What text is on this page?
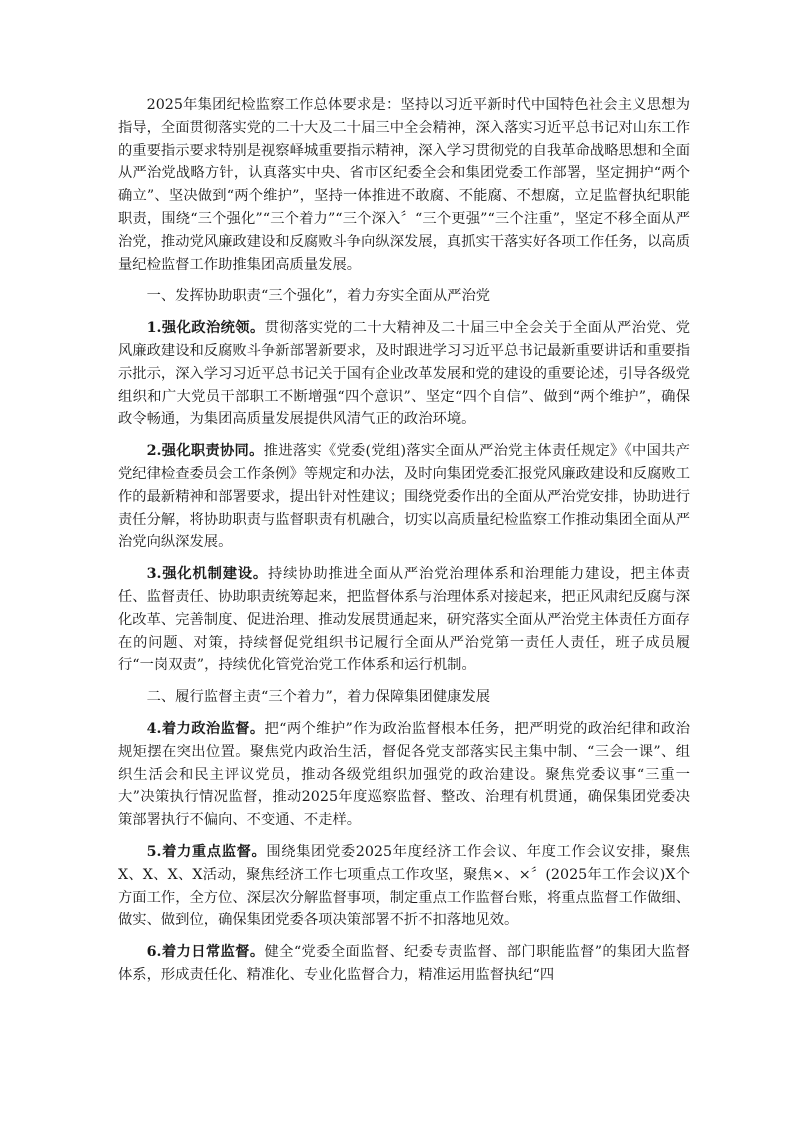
2025年集团纪检监察工作总体要求是：坚持以习近平新时代中国特色社会主义思想为指导，全面贯彻落实党的二十大及二十届三中全会精神，深入落实习近平总书记对山东工作的重要指示要求特别是视察峄城重要指示精神，深入学习贯彻党的自我革命战略思想和全面从严治党战略方针，认真落实中央、省市区纪委全会和集团党委工作部署，坚定拥护“两个确立”、坚决做到“两个维护”，坚持一体推进不敢腐、不能腐、不想腐，立足监督执纪职能职责，围绕“三个强化”“三个着力”“三个深入〞“三个更强”“三个注重”，坚定不移全面从严治党，推动党风廉政建设和反腐败斗争向纵深发展，真抓实干落实好各项工作任务，以高质量纪检监督工作助推集团高质量发展。

一、发挥协助职责“三个强化”，着力夯实全面从严治党

1.强化政治统领。贯彻落实党的二十大精神及二十届三中全会关于全面从严治党、党风廉政建设和反腐败斗争新部署新要求，及时跟进学习习近平总书记最新重要讲话和重要指示批示，深入学习习近平总书记关于国有企业改革发展和党的建设的重要论述，引导各级党组织和广大党员干部职工不断增强“四个意识”、坚定“四个自信”、做到“两个维护”，确保政令畅通，为集团高质量发展提供风清气正的政治环境。

2.强化职责协同。推进落实《党委(党组)落实全面从严治党主体责任规定》《中国共产党纪律检查委员会工作条例》等规定和办法，及时向集团党委汇报党风廉政建设和反腐败工作的最新精神和部署要求，提出针对性建议；围绕党委作出的全面从严治党安排，协助进行责任分解，将协助职责与监督职责有机融合，切实以高质量纪检监察工作推动集团全面从严治党向纵深发展。

3.强化机制建设。持续协助推进全面从严治党治理体系和治理能力建设，把主体责任、监督责任、协助职责统筹起来，把监督体系与治理体系对接起来，把正风肃纪反腐与深化改革、完善制度、促进治理、推动发展贯通起来，研究落实全面从严治党主体责任方面存在的问题、对策，持续督促党组织书记履行全面从严治党第一责任人责任，班子成员履行“一岗双责”，持续优化管党治党工作体系和运行机制。

二、履行监督主责“三个着力”，着力保障集团健康发展

4.着力政治监督。把“两个维护”作为政治监督根本任务，把严明党的政治纪律和政治规矩摆在突出位置。聚焦党内政治生活，督促各党支部落实民主集中制、“三会一课”、组织生活会和民主评议党员，推动各级党组织加强党的政治建设。聚焦党委议事“三重一大”决策执行情况监督，推动2025年度巡察监督、整改、治理有机贯通，确保集团党委决策部署执行不偏向、不变通、不走样。

5.着力重点监督。围绕集团党委2025年度经济工作会议、年度工作会议安排，聚焦X、X、X、X活动，聚焦经济工作七项重点工作攻坚，聚焦×、×〞(2025年工作会议)X个方面工作，全方位、深层次分解监督事项，制定重点工作监督台账，将重点监督工作做细、做实、做到位，确保集团党委各项决策部署不折不扣落地见效。

6.着力日常监督。健全“党委全面监督、纪委专责监督、部门职能监督”的集团大监督体系，形成责任化、精准化、专业化监督合力，精准运用监督执纪“四
